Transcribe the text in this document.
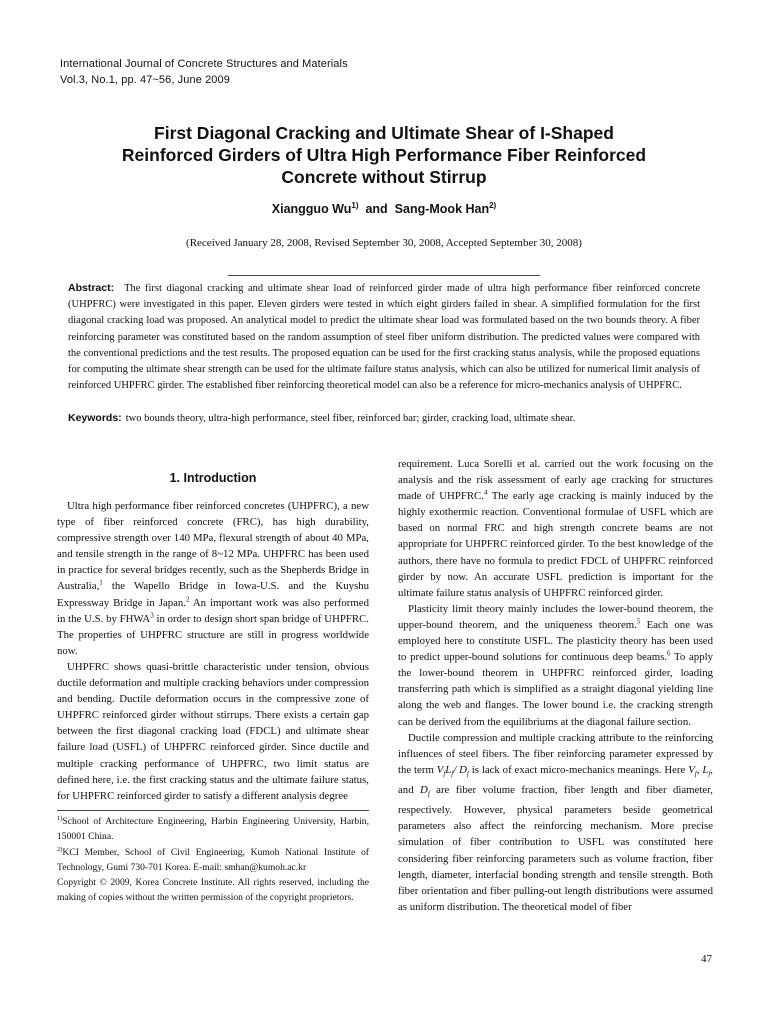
International Journal of Concrete Structures and Materials
Vol.3, No.1, pp. 47~56, June 2009
First Diagonal Cracking and Ultimate Shear of I-Shaped
Reinforced Girders of Ultra High Performance Fiber Reinforced
Concrete without Stirrup
Xiangguo Wu$^{1)}$ and Sang-Mook Han$^{2)}$
(Received January 28, 2008, Revised September 30, 2008, Accepted September 30, 2008)
Abstract: The first diagonal cracking and ultimate shear load of reinforced girder made of ultra high performance fiber reinforced concrete (UHPFRC) were investigated in this paper. Eleven girders were tested in which eight girders failed in shear. A simplified formulation for the first diagonal cracking load was proposed. An analytical model to predict the ultimate shear load was formulated based on the two bounds theory. A fiber reinforcing parameter was constituted based on the random assumption of steel fiber uniform distribution. The predicted values were compared with the conventional predictions and the test results. The proposed equation can be used for the first cracking status analysis, while the proposed equations for computing the ultimate shear strength can be used for the ultimate failure status analysis, which can also be utilized for numerical limit analysis of reinforced UHPFRC girder. The established fiber reinforcing theoretical model can also be a reference for micro-mechanics analysis of UHPFRC.
Keywords: two bounds theory, ultra-high performance, steel fiber, reinforced bar; girder, cracking load, ultimate shear.
1. Introduction

Ultra high performance fiber reinforced concretes (UHPFRC), a new type of fiber reinforced concrete (FRC), has high durability, compressive strength over 140 MPa, flexural strength of about 40 MPa, and tensile strength in the range of 8~12 MPa. UHPFRC has been used in practice for several bridges recently, such as the Shepherds Bridge in Australia,$^1$ the Wapello Bridge in Iowa-U.S. and the Kuyshu Expressway Bridge in Japan.$^2$ An important work was also performed in the U.S. by FHWA$^3$ in order to design short span bridge of UHPFRC. The properties of UHPFRC structure are still in progress worldwide now.

UHPFRC shows quasi-brittle characteristic under tension, obvious ductile deformation and multiple cracking behaviors under compression and bending. Ductile deformation occurs in the compressive zone of UHPFRC reinforced girder without stirrups. There exists a certain gap between the first diagonal cracking load (FDCL) and ultimate shear failure load (USFL) of UHPFRC reinforced girder. Since ductile and multiple cracking performance of UHPFRC, two limit status are defined here, i.e. the first cracking status and the ultimate failure status, for UHPFRC reinforced girder to satisfy a different analysis degree

$^{1)}$School of Architecture Engineering, Harbin Engineering University, Harbin, 150001 China.

$^{2)}$KCI Member, School of Civil Engineering, Kumoh National Institute of Technology, Gumi 730-701 Korea. E-mail: smhan@kumoh.ac.kr

Copyright © 2009, Korea Concrete Institute. All rights reserved, including the making of copies without the written permission of the copyright proprietors.

requirement. Luca Sorelli et al. carried out the work focusing on the analysis and the risk assessment of early age cracking for structures made of UHPFRC.$^4$ The early age cracking is mainly induced by the highly exothermic reaction. Conventional formulae of USFL which are based on normal FRC and high strength concrete beams are not appropriate for UHPFRC reinforced girder. To the best knowledge of the authors, there have no formula to predict FDCL of UHPFRC reinforced girder by now. An accurate USFL prediction is important for the ultimate failure status analysis of UHPFRC reinforced girder.

Plasticity limit theory mainly includes the lower-bound theorem, the upper-bound theorem, and the uniqueness theorem.$^5$ Each one was employed here to constitute USFL. The plasticity theory has been used to predict upper-bound solutions for continuous deep beams.$^6$ To apply the lower-bound theorem in UHPFRC reinforced girder, loading transferring path which is simplified as a straight diagonal yielding line along the web and flanges. The lower bound i.e. the cracking strength can be derived from the equilibriums at the diagonal failure section.

Ductile compression and multiple cracking attribute to the reinforcing influences of steel fibers. The fiber reinforcing parameter expressed by the term $V_fL_f/$ $D_f$ is lack of exact micro-mechanics meanings. Here $V_f$, $L_f$, and $D_f$ are fiber volume fraction, fiber length and fiber diameter, respectively. However, physical parameters beside geometrical parameters also affect the reinforcing mechanism. More precise simulation of fiber contribution to USFL was constituted here considering fiber reinforcing parameters such as volume fraction, fiber length, diameter, interfacial bonding strength and tensile strength. Both fiber orientation and fiber pulling-out length distributions were assumed as uniform distribution. The theoretical model of fiber

47
